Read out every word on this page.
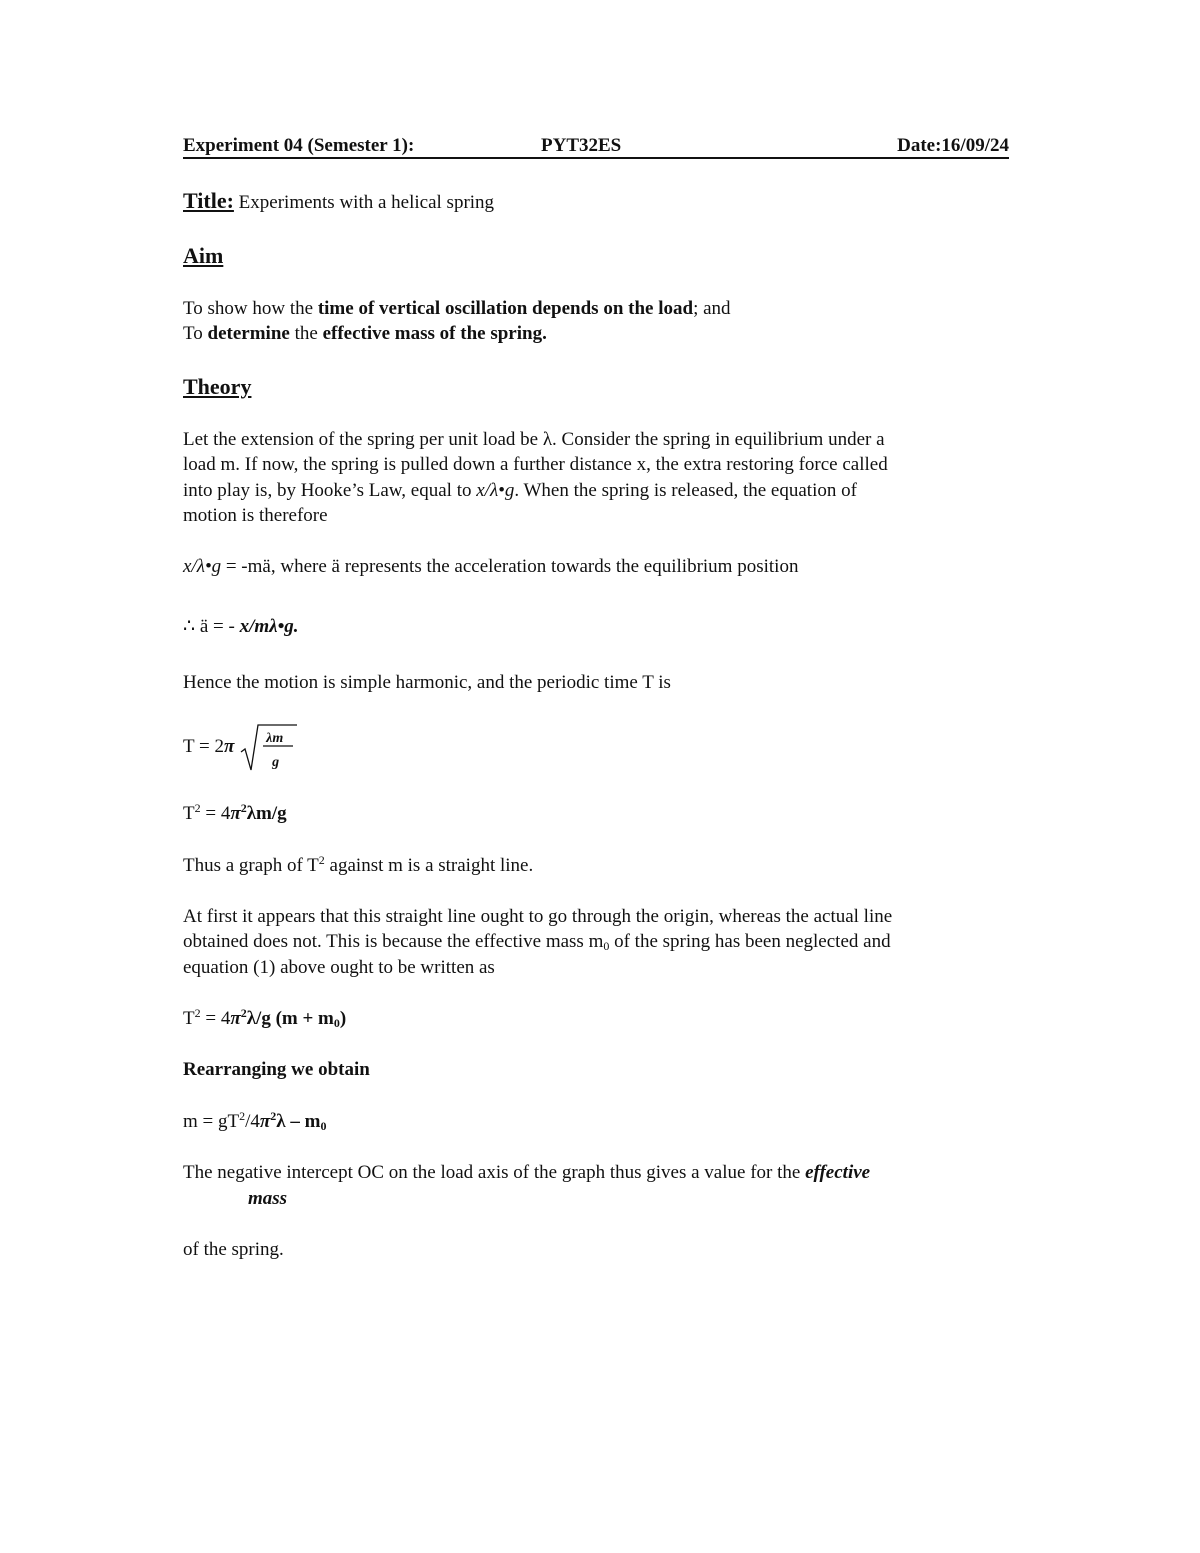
Experiment 04 (Semester 1):	PYT32ES	Date:16/09/24
Title: Experiments with a helical spring
Aim
To show how the time of vertical oscillation depends on the load; and
To determine the effective mass of the spring.
Theory
Let the extension of the spring per unit load be λ. Consider the spring in equilibrium under a
load m. If now, the spring is pulled down a further distance x, the extra restoring force called
into play is, by Hooke’s Law, equal to x/λ•g. When the spring is released, the equation of
motion is therefore
x/λ•g = -mä, where ä represents the acceleration towards the equilibrium position
∴ ä = - x/mλ•g.
Hence the motion is simple harmonic, and the periodic time T is
T = 2π λm
g
$T^2 = 4\pi^2\lambda m/g$
Thus a graph of $T^2$ against m is a straight line.
At first it appears that this straight line ought to go through the origin, whereas the actual line
obtained does not. This is because the effective mass $m_0$ of the spring has been neglected and
equation (1) above ought to be written as
$T^2 = 4\pi^2\lambda/g$ $(m + m_0)$
Rearranging we obtain
$m = gT^2/4\pi^2\lambda - m_0$
The negative intercept OC on the load axis of the graph thus gives a value for the effective
mass
of the spring.
